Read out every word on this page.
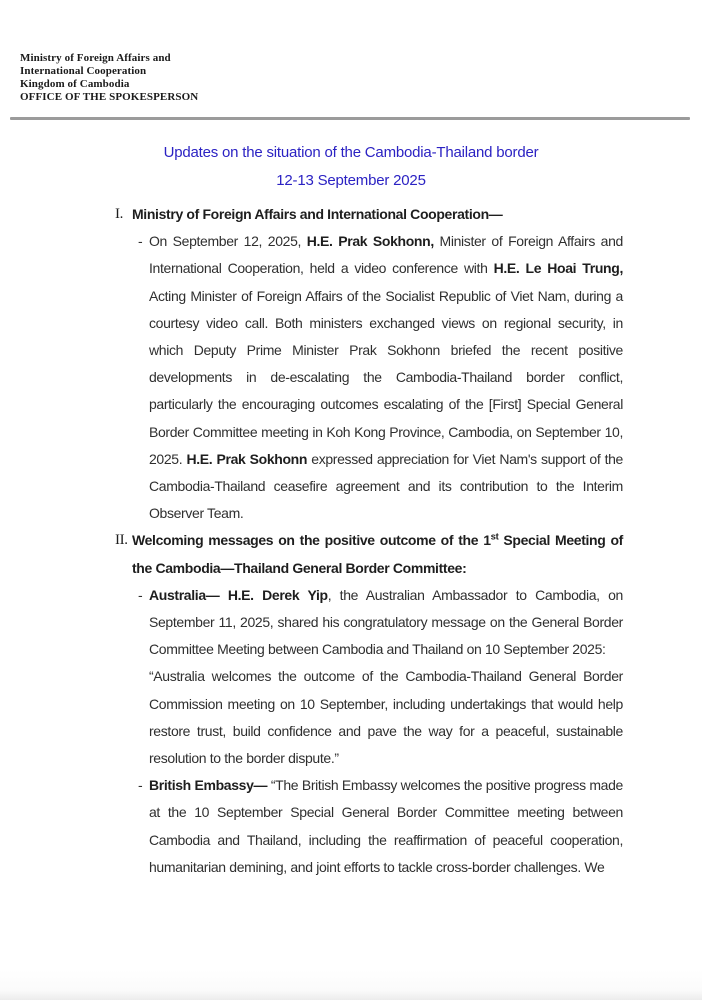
Ministry of Foreign Affairs and
International Cooperation
Kingdom of Cambodia
OFFICE OF THE SPOKESPERSON
Updates on the situation of the Cambodia-Thailand border
12-13 September 2025
I. Ministry of Foreign Affairs and International Cooperation—
- On September 12, 2025, H.E. Prak Sokhonn, Minister of Foreign Affairs and International Cooperation, held a video conference with H.E. Le Hoai Trung, Acting Minister of Foreign Affairs of the Socialist Republic of Viet Nam, during a courtesy video call. Both ministers exchanged views on regional security, in which Deputy Prime Minister Prak Sokhonn briefed the recent positive developments in de-escalating the Cambodia-Thailand border conflict, particularly the encouraging outcomes escalating of the [First] Special General Border Committee meeting in Koh Kong Province, Cambodia, on September 10, 2025. H.E. Prak Sokhonn expressed appreciation for Viet Nam's support of the Cambodia-Thailand ceasefire agreement and its contribution to the Interim Observer Team.

II. Welcoming messages on the positive outcome of the 1st Special Meeting of the Cambodia—Thailand General Border Committee:
- Australia— H.E. Derek Yip, the Australian Ambassador to Cambodia, on September 11, 2025, shared his congratulatory message on the General Border Committee Meeting between Cambodia and Thailand on 10 September 2025:
“Australia welcomes the outcome of the Cambodia-Thailand General Border Commission meeting on 10 September, including undertakings that would help restore trust, build confidence and pave the way for a peaceful, sustainable resolution to the border dispute.”

- British Embassy— “The British Embassy welcomes the positive progress made at the 10 September Special General Border Committee meeting between Cambodia and Thailand, including the reaffirmation of peaceful cooperation, humanitarian demining, and joint efforts to tackle cross-border challenges. We
